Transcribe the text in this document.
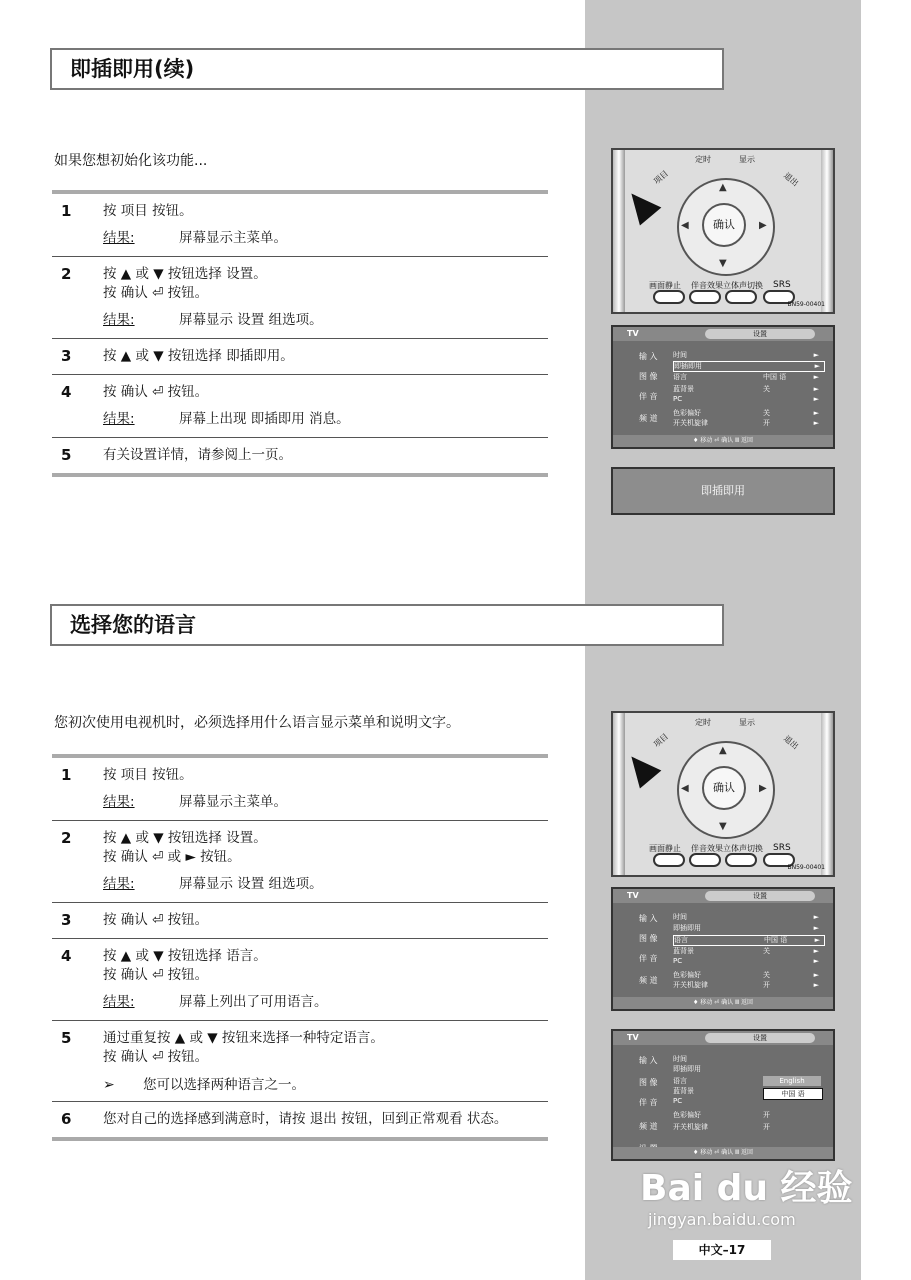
即插即用(续)
如果您想初始化该功能...
1 按 项目 按钮。
结果:	屏幕显示主菜单。
2 按 ▲ 或 ▼ 按钮选择 设置。
按 确认 ⏎ 按钮。
结果:	屏幕显示 设置 组选项。
3 按 ▲ 或 ▼ 按钮选择 即插即用。
4 按 确认 ⏎ 按钮。
结果:	屏幕上出现 即插即用 消息。
5 有关设置详情，请参阅上一页。
项目
定时	显示
退出
▲
▼
◀	▶
确认
画面静止 伴音效果 立体声切换 SRS
BN59-00401
TV	设置
输 入
图 像
伴 音
频 道
时间	►
即插即用	►
语言	中国 语	►
蓝背景	关	►
PC	►
色彩偏好	关	►
开关机旋律	开	►
♦ 移动 ⏎ 确认 Ⅲ 返回
即插即用
选择您的语言
您初次使用电视机时，必须选择用什么语言显示菜单和说明文字。
1 按 项目 按钮。
结果:	屏幕显示主菜单。
2 按 ▲ 或 ▼ 按钮选择 设置。
按 确认 ⏎ 或 ► 按钮。
结果:	屏幕显示 设置 组选项。
3 按 确认 ⏎ 按钮。
4 按 ▲ 或 ▼ 按钮选择 语言。
按 确认 ⏎ 按钮。
结果:	屏幕上列出了可用语言。
5 通过重复按 ▲ 或 ▼ 按钮来选择一种特定语言。
按 确认 ⏎ 按钮。
➢ 您可以选择两种语言之一。
6 您对自己的选择感到满意时，请按 退出 按钮，回到正常观看 状态。
项目
定时	显示
退出
▲
▼
◀	▶
确认
画面静止 伴音效果 立体声切换 SRS
BN59-00401
TV	设置
输 入
图 像
伴 音
频 道
时间	►
即插即用	►
语言	中国 语	►
蓝背景	关	►
PC	►
色彩偏好	关	►
开关机旋律	开	►
♦ 移动 ⏎ 确认 Ⅲ 返回
TV	设置
输 入
图 像
伴 音
频 道
时间
即插即用
语言
蓝背景
PC
色彩偏好	开
开关机旋律	开
English
中国 语
♦ 移动 ⏎ 确认 Ⅲ 返回
Bai du 经验
jingyan.baidu.com
中文–17
